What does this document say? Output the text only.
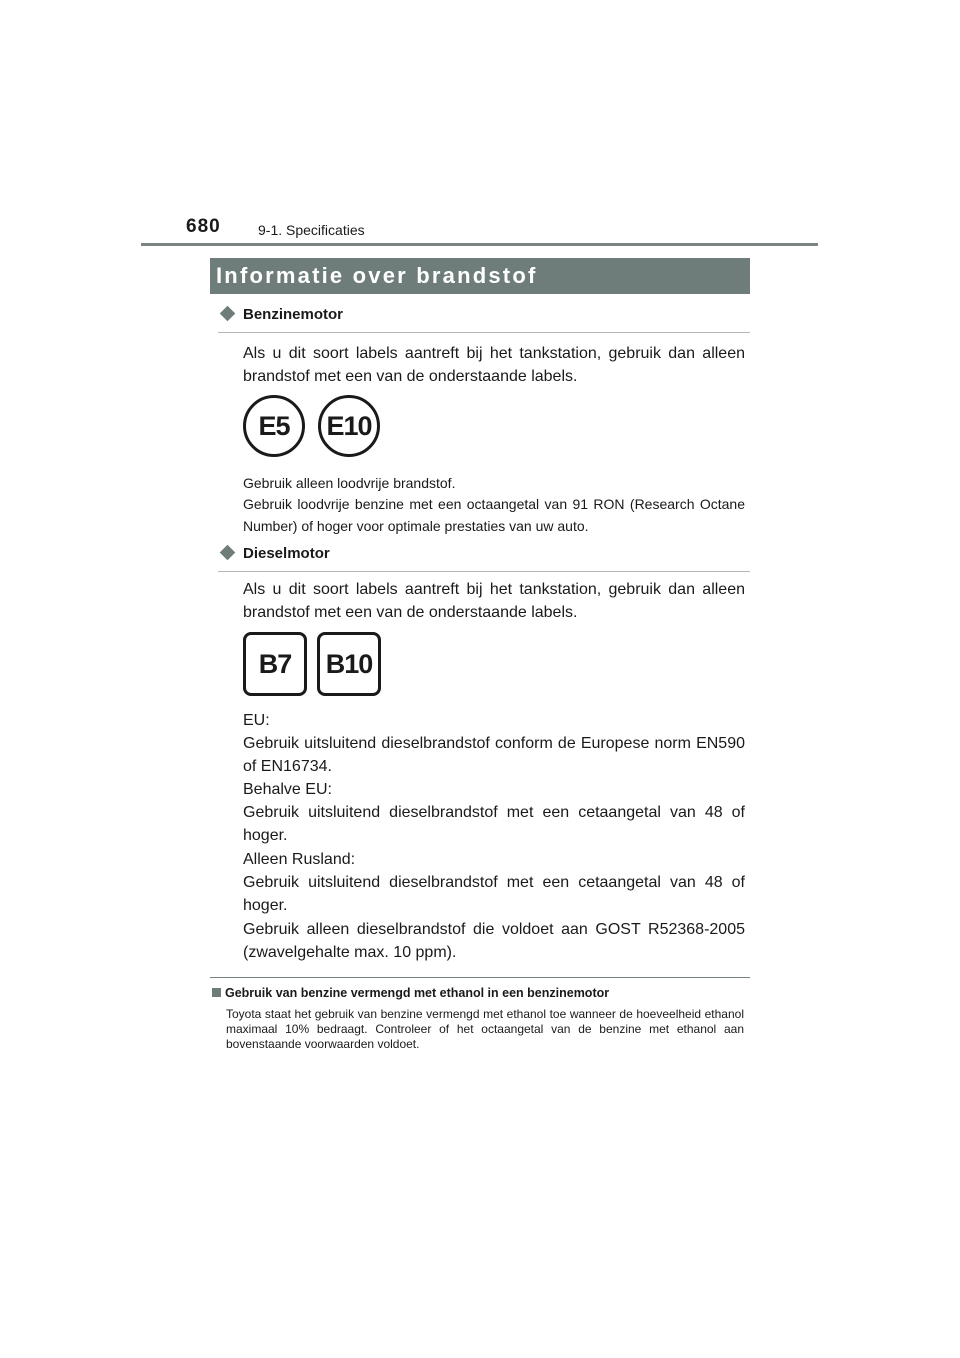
680	9-1. Specificaties
Informatie over brandstof
Benzinemotor

Als u dit soort labels aantreft bij het tankstation, gebruik dan alleen brandstof met een van de onderstaande labels.

E5	E10

Gebruik alleen loodvrije brandstof.

Gebruik loodvrije benzine met een octaangetal van 91 RON (Research Octane Number) of hoger voor optimale prestaties van uw auto.

Dieselmotor

Als u dit soort labels aantreft bij het tankstation, gebruik dan alleen brandstof met een van de onderstaande labels.

B7	B10

EU:
Gebruik uitsluitend dieselbrandstof conform de Europese norm EN590 of EN16734.

Behalve EU:
Gebruik uitsluitend dieselbrandstof met een cetaangetal van 48 of hoger.

Alleen Rusland:
Gebruik uitsluitend dieselbrandstof met een cetaangetal van 48 of hoger.

Gebruik alleen dieselbrandstof die voldoet aan GOST R52368-2005 (zwavelgehalte max. 10 ppm).

Gebruik van benzine vermengd met ethanol in een benzinemotor

Toyota staat het gebruik van benzine vermengd met ethanol toe wanneer de hoeveelheid ethanol maximaal 10% bedraagt. Controleer of het octaangetal van de benzine met ethanol aan bovenstaande voorwaarden voldoet.
